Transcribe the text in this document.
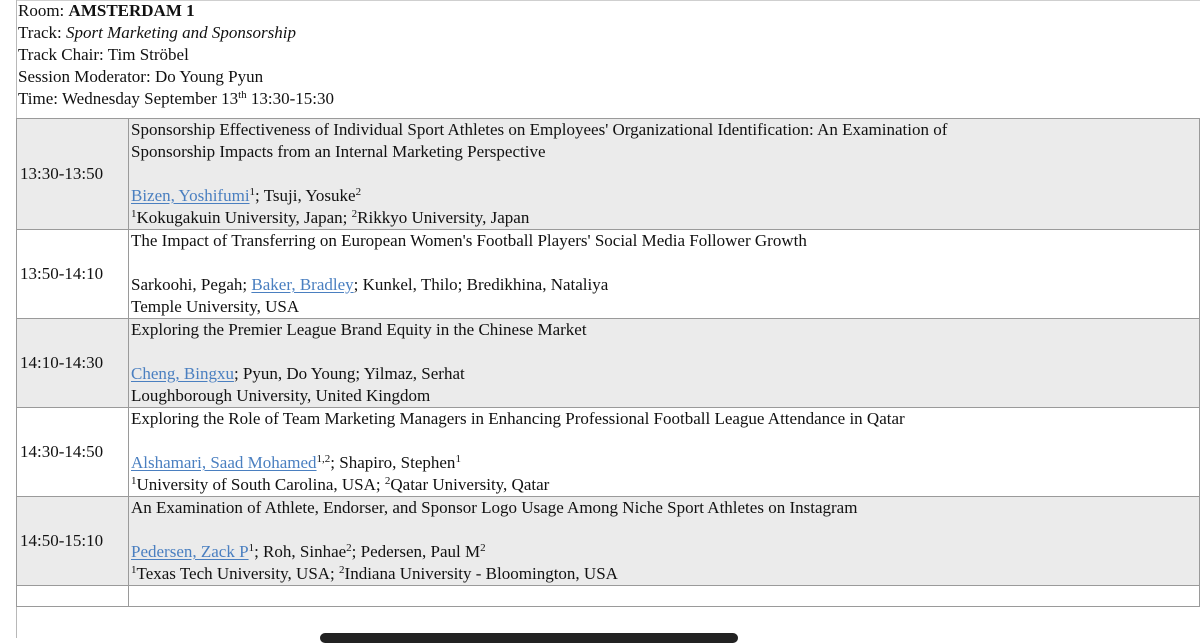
Room: AMSTERDAM 1
Track: Sport Marketing and Sponsorship
Track Chair: Tim Ströbel
Session Moderator: Do Young Pyun
Time: Wednesday September 13th 13:30-15:30
13:30-13:50	Sponsorship Effectiveness of Individual Sport Athletes on Employees' Organizational Identification: An Examination of
Sponsorship Impacts from an Internal Marketing Perspective
Bizen, Yoshifumi$^1$; Tsuji, Yosuke$^2$
$^1$Kokugakuin University, Japan; $^2$Rikkyo University, Japan

13:50-14:10	The Impact of Transferring on European Women's Football Players' Social Media Follower Growth
Sarkoohi, Pegah; Baker, Bradley; Kunkel, Thilo; Bredikhina, Nataliya
Temple University, USA

14:10-14:30	Exploring the Premier League Brand Equity in the Chinese Market
Cheng, Bingxu; Pyun, Do Young; Yilmaz, Serhat
Loughborough University, United Kingdom

14:30-14:50	Exploring the Role of Team Marketing Managers in Enhancing Professional Football League Attendance in Qatar
Alshamari, Saad Mohamed$^{1,2}$; Shapiro, Stephen$^1$
$^1$University of South Carolina, USA; $^2$Qatar University, Qatar

14:50-15:10	An Examination of Athlete, Endorser, and Sponsor Logo Usage Among Niche Sport Athletes on Instagram
Pedersen, Zack $P^1$; Roh, Sinhae$^2$; Pedersen, Paul $M^2$
$^1$Texas Tech University, USA; $^2$Indiana University - Bloomington, USA
